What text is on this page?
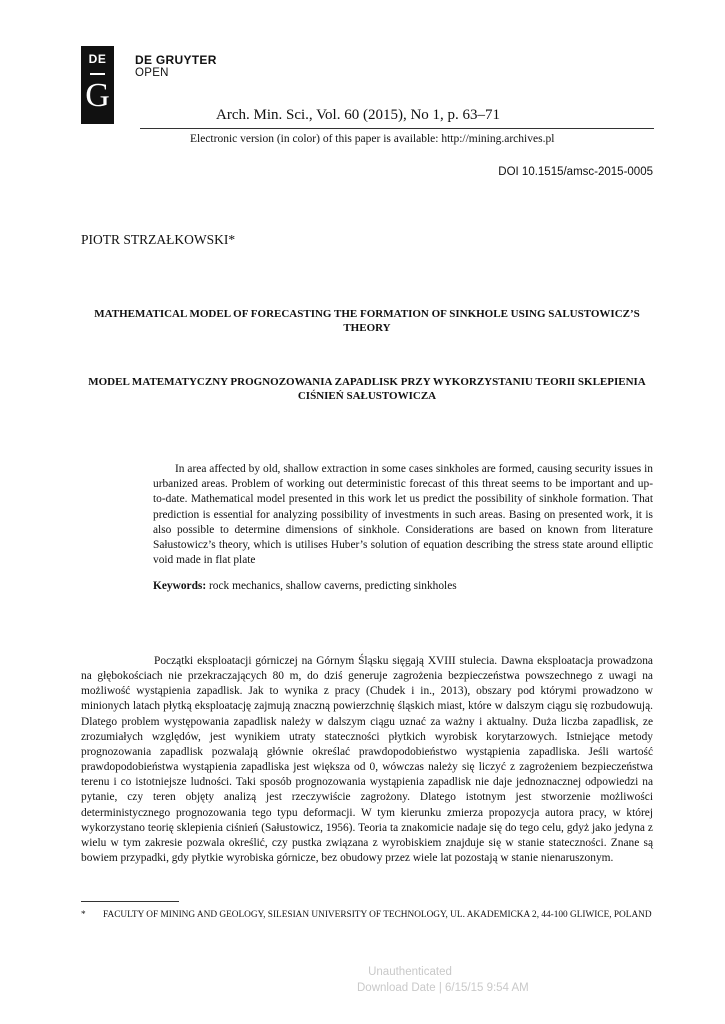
DE
G
DE GRUYTER
OPEN
Arch. Min. Sci., Vol. 60 (2015), No 1, p. 63–71
Electronic version (in color) of this paper is available: http://mining.archives.pl
DOI 10.1515/amsc-2015-0005
PIOTR STRZAŁKOWSKI*
MATHEMATICAL MODEL OF FORECASTING THE FORMATION OF SINKHOLE USING SALUSTOWICZ’S THEORY
MODEL MATEMATYCZNY PROGNOZOWANIA ZAPADLISK PRZY WYKORZYSTANIU TEORII SKLEPIENIA CIŚNIEŃ SAŁUSTOWICZA

In area affected by old, shallow extraction in some cases sinkholes are formed, causing security issues in urbanized areas. Problem of working out deterministic forecast of this threat seems to be important and up-to-date. Mathematical model presented in this work let us predict the possibility of sinkhole formation. That prediction is essential for analyzing possibility of investments in such areas. Basing on presented work, it is also possible to determine dimensions of sinkhole. Considerations are based on known from literature Sałustowicz’s theory, which is utilises Huber’s solution of equation describing the stress state around elliptic void made in flat plate

Keywords: rock mechanics, shallow caverns, predicting sinkholes

Początki eksploatacji górniczej na Górnym Śląsku sięgają XVIII stulecia. Dawna eksploatacja prowadzona na głębokościach nie przekraczających 80 m, do dziś generuje zagrożenia bezpieczeństwa powszechnego z uwagi na możliwość wystąpienia zapadlisk. Jak to wynika z pracy (Chudek i in., 2013), obszary pod którymi prowadzono w minionych latach płytką eksploatację zajmują znaczną powierzchnię śląskich miast, które w dalszym ciągu się rozbudowują. Dlatego problem występowania zapadlisk należy w dalszym ciągu uznać za ważny i aktualny. Duża liczba zapadlisk, ze zrozumiałych względów, jest wynikiem utraty stateczności płytkich wyrobisk korytarzowych. Istniejące metody prognozowania zapadlisk pozwalają głównie określać prawdopodobieństwo wystąpienia zapadliska. Jeśli wartość prawdopodobieństwa wystąpienia zapadliska jest większa od 0, wówczas należy się liczyć z zagrożeniem bezpieczeństwa terenu i co istotniejsze ludności. Taki sposób prognozowania wystąpienia zapadlisk nie daje jednoznacznej odpowiedzi na pytanie, czy teren objęty analizą jest rzeczywiście zagrożony. Dlatego istotnym jest stworzenie możliwości deterministycznego prognozowania tego typu deformacji. W tym kierunku zmierza propozycja autora pracy, w której wykorzystano teorię sklepienia ciśnień (Sałustowicz, 1956). Teoria ta znakomicie nadaje się do tego celu, gdyż jako jedyna z wielu w tym zakresie pozwala określić, czy pustka związana z wyrobiskiem znajduje się w stanie stateczności. Znane są bowiem przypadki, gdy płytkie wyrobiska górnicze, bez obudowy przez wiele lat pozostają w stanie nienaruszonym.

* FACULTY OF MINING AND GEOLOGY, SILESIAN UNIVERSITY OF TECHNOLOGY, UL. AKADEMICKA 2, 44-100 GLIWICE, POLAND
Unauthenticated
Download Date | 6/15/15 9:54 AM
